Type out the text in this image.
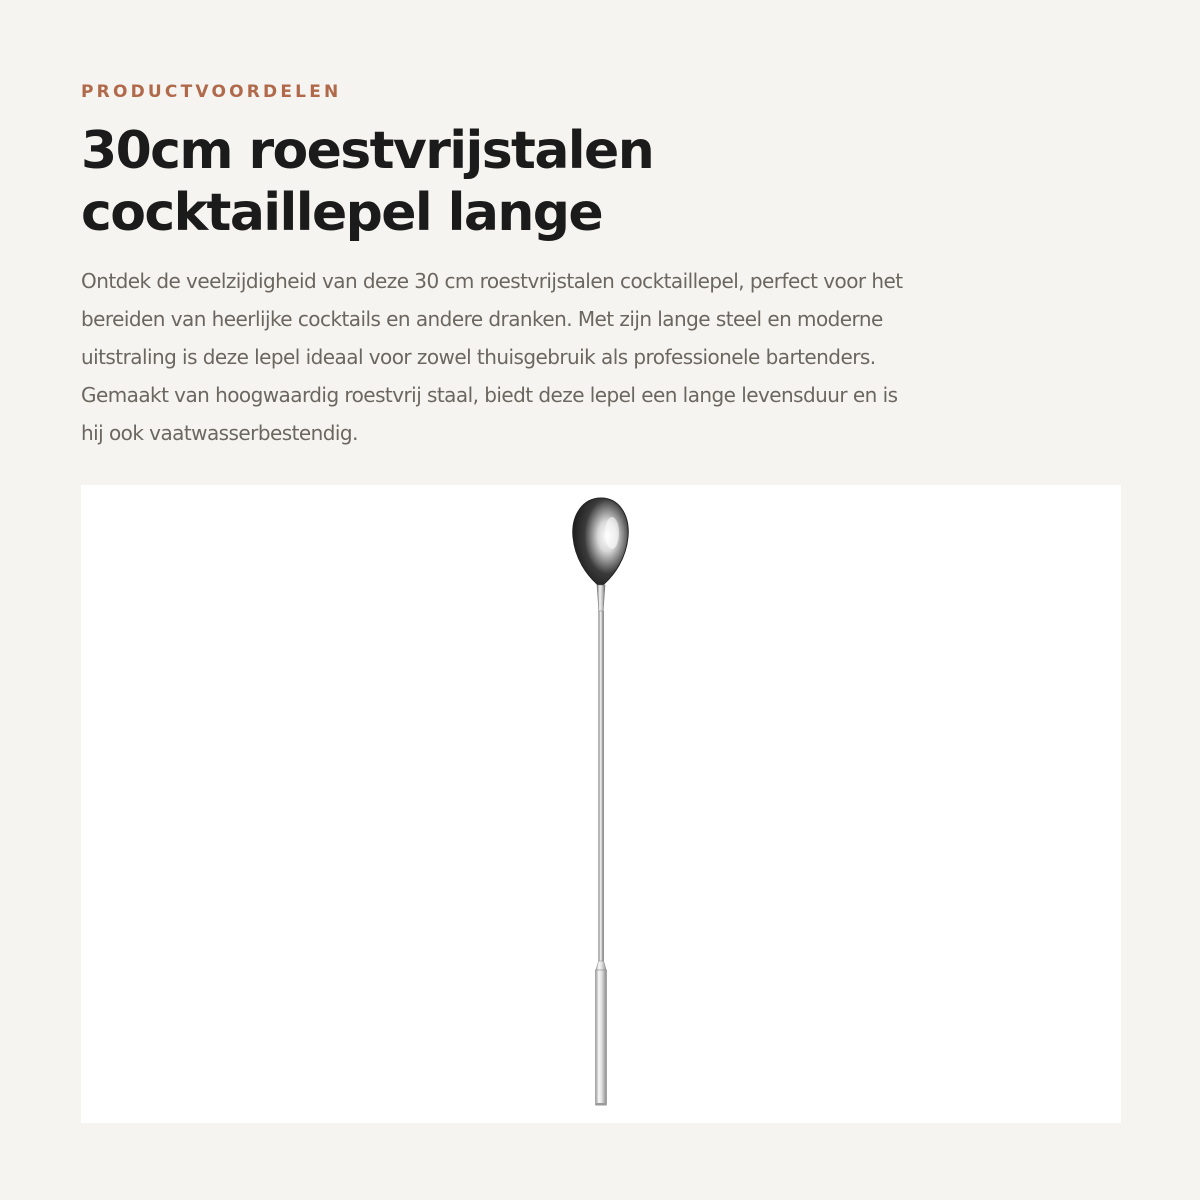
PRODUCTVOORDELEN
30cm roestvrijstalen
cocktaillepel lange

Ontdek de veelzijdigheid van deze 30 cm roestvrijstalen cocktaillepel, perfect voor het
bereiden van heerlijke cocktails en andere dranken. Met zijn lange steel en moderne
uitstraling is deze lepel ideaal voor zowel thuisgebruik als professionele bartenders.
Gemaakt van hoogwaardig roestvrij staal, biedt deze lepel een lange levensduur en is
hij ook vaatwasserbestendig.
